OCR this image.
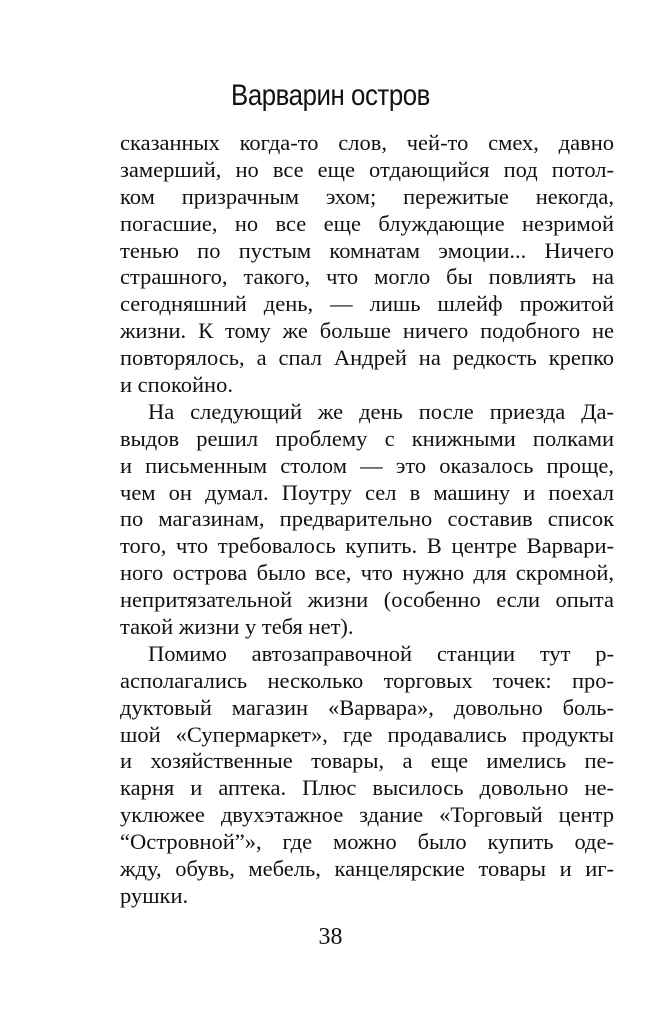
Варварин остров
сказанных когда-то слов, чей-то смех, давно
замерший, но все еще отдающийся под потол-
ком призрачным эхом; пережитые некогда,
погасшие, но все еще блуждающие незримой
тенью по пустым комнатам эмоции... Ничего
страшного, такого, что могло бы повлиять на
сегодняшний день, — лишь шлейф прожитой
жизни. К тому же больше ничего подобного не
повторялось, а спал Андрей на редкость крепко
и спокойно.
На следующий же день после приезда Да-
выдов решил проблему с книжными полками
и письменным столом — это оказалось проще,
чем он думал. Поутру сел в машину и поехал
по магазинам, предварительно составив список
того, что требовалось купить. В центре Варвари-
ного острова было все, что нужно для скромной,
непритязательной жизни (особенно если опыта
такой жизни у тебя нет).
Помимо автозаправочной станции тут р-
асполагались несколько торговых точек: про-
дуктовый магазин «Варвара», довольно боль-
шой «Супермаркет», где продавались продукты
и хозяйственные товары, а еще имелись пе-
карня и аптека. Плюс высилось довольно не-
уклюжее двухэтажное здание «Торговый центр
“Островной”», где можно было купить оде-
жду, обувь, мебель, канцелярские товары и иг-
рушки.
38
